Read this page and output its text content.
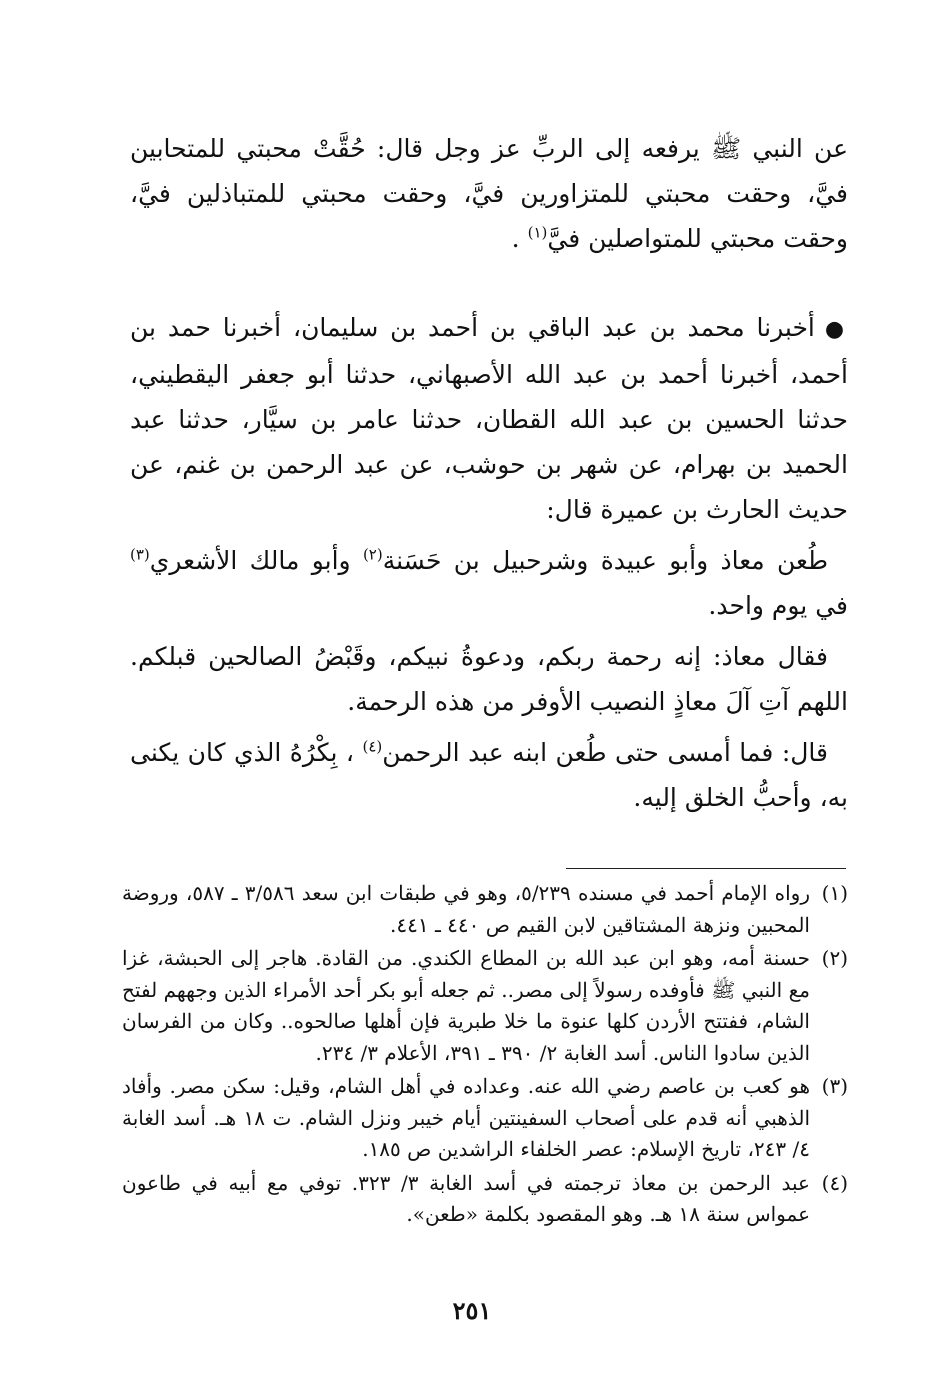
عن النبي ﷺ يرفعه إلى الربِّ عز وجل قال: حُقَّتْ محبتي للمتحابين فيَّ، وحقت محبتي للمتزاورين فيَّ، وحقت محبتي للمتباذلين فيَّ، وحقت محبتي للمتواصلين فيَّ$^{(١)}$ .

●أخبرنا محمد بن عبد الباقي بن أحمد بن سليمان، أخبرنا حمد بن أحمد، أخبرنا أحمد بن عبد الله الأصبهاني، حدثنا أبو جعفر اليقطيني، حدثنا الحسين بن عبد الله القطان، حدثنا عامر بن سيَّار، حدثنا عبد الحميد بن بهرام، عن شهر بن حوشب، عن عبد الرحمن بن غنم، عن حديث الحارث بن عميرة قال:

طُعن معاذ وأبو عبيدة وشرحبيل بن حَسَنة$^{(٢)}$ وأبو مالك الأشعري$^{(٣)}$ في يوم واحد.

فقال معاذ: إنه رحمة ربكم، ودعوةُ نبيكم، وقَبْضُ الصالحين قبلكم. اللهم آتِ آلَ معاذٍ النصيب الأوفر من هذه الرحمة.

قال: فما أمسى حتى طُعن ابنه عبد الرحمن$^{(٤)}$ ، بِكْرُهُ الذي كان يكنى به، وأحبُّ الخلق إليه.

(١)
رواه الإمام أحمد في مسنده ٥/٢٣٩، وهو في طبقات ابن سعد ٣/٥٨٦ ـ ٥٨٧، وروضة المحبين ونزهة المشتاقين لابن القيم ص ٤٤٠ ـ ٤٤١.
(٢)
حسنة أمه، وهو ابن عبد الله بن المطاع الكندي. من القادة. هاجر إلى الحبشة، غزا مع النبي ﷺ فأوفده رسولاً إلى مصر.. ثم جعله أبو بكر أحد الأمراء الذين وجههم لفتح الشام، ففتتح الأردن كلها عنوة ما خلا طبرية فإن أهلها صالحوه.. وكان من الفرسان الذين سادوا الناس. أسد الغابة ٢/ ٣٩٠ ـ ٣٩١، الأعلام ٣/ ٢٣٤.
(٣)
هو كعب بن عاصم رضي الله عنه. وعداده في أهل الشام، وقيل: سكن مصر. وأفاد الذهبي أنه قدم على أصحاب السفينتين أيام خيبر ونزل الشام. ت ١٨ هـ. أسد الغابة ٤/ ٢٤٣، تاريخ الإسلام: عصر الخلفاء الراشدين ص ١٨٥.
(٤)
عبد الرحمن بن معاذ ترجمته في أسد الغابة ٣/ ٣٢٣. توفي مع أبيه في طاعون عمواس سنة ١٨ هـ. وهو المقصود بكلمة «طعن».
٢٥١
